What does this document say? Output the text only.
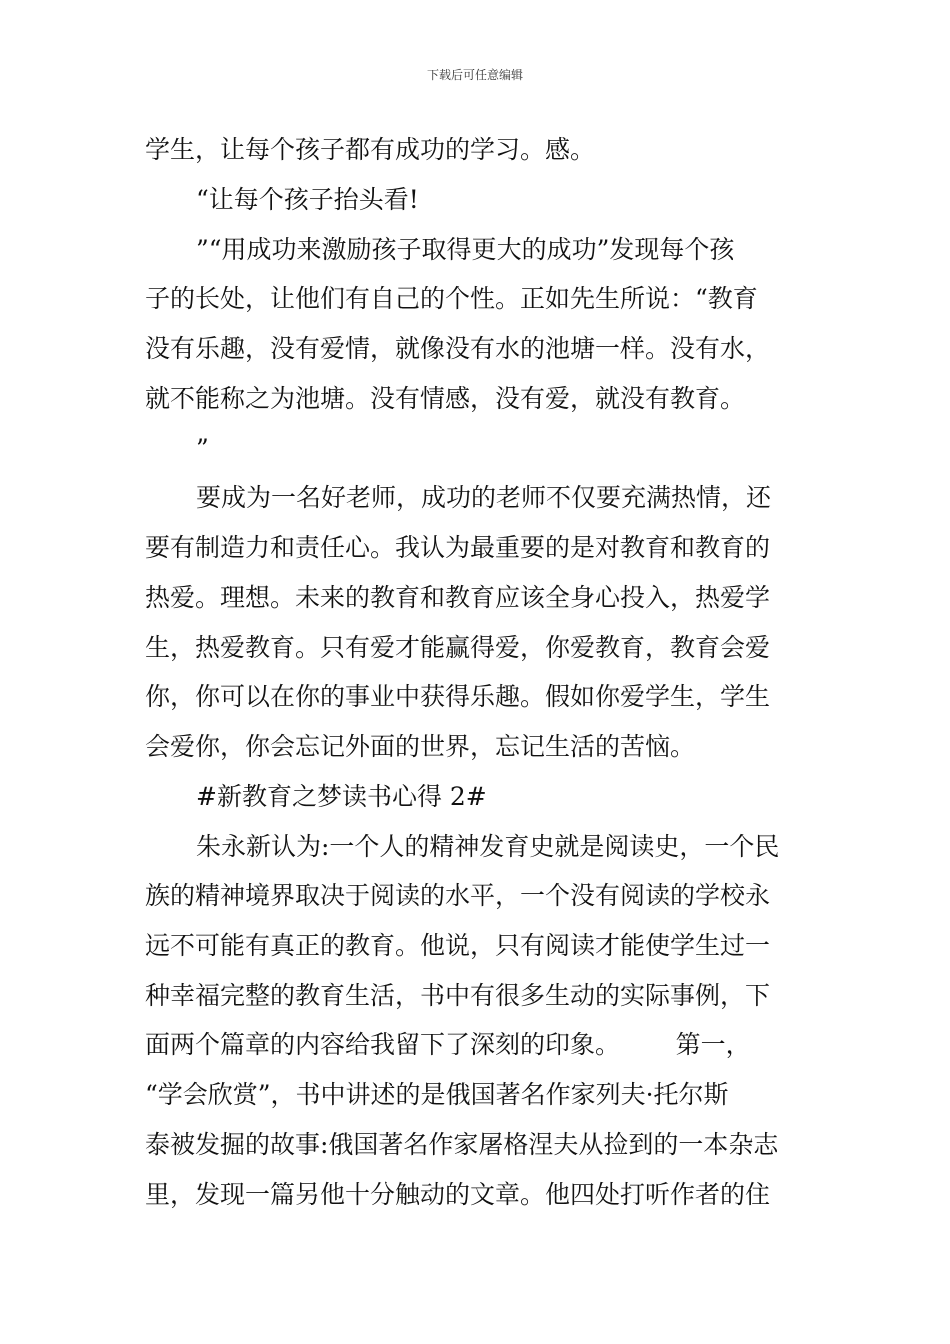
下载后可任意编辑
学生，让每个孩子都有成功的学习。感。
“让每个孩子抬头看!
”“用成功来激励孩子取得更大的成功”发现每个孩
子的长处，让他们有自己的个性。正如先生所说：“教育
没有乐趣，没有爱情，就像没有水的池塘一样。没有水，
就不能称之为池塘。没有情感，没有爱，就没有教育。
”
要成为一名好老师，成功的老师不仅要充满热情，还
要有制造力和责任心。我认为最重要的是对教育和教育的
热爱。理想。未来的教育和教育应该全身心投入，热爱学
生，热爱教育。只有爱才能赢得爱，你爱教育，教育会爱
你，你可以在你的事业中获得乐趣。假如你爱学生，学生
会爱你，你会忘记外面的世界，忘记生活的苦恼。
#新教育之梦读书心得 2#
朱永新认为:一个人的精神发育史就是阅读史，一个民
族的精神境界取决于阅读的水平，一个没有阅读的学校永
远不可能有真正的教育。他说，只有阅读才能使学生过一
种幸福完整的教育生活，书中有很多生动的实际事例，下
面两个篇章的内容给我留下了深刻的印象。       第一，
“学会欣赏”，书中讲述的是俄国著名作家列夫·托尔斯
泰被发掘的故事:俄国著名作家屠格涅夫从捡到的一本杂志
里，发现一篇另他十分触动的文章。他四处打听作者的住
